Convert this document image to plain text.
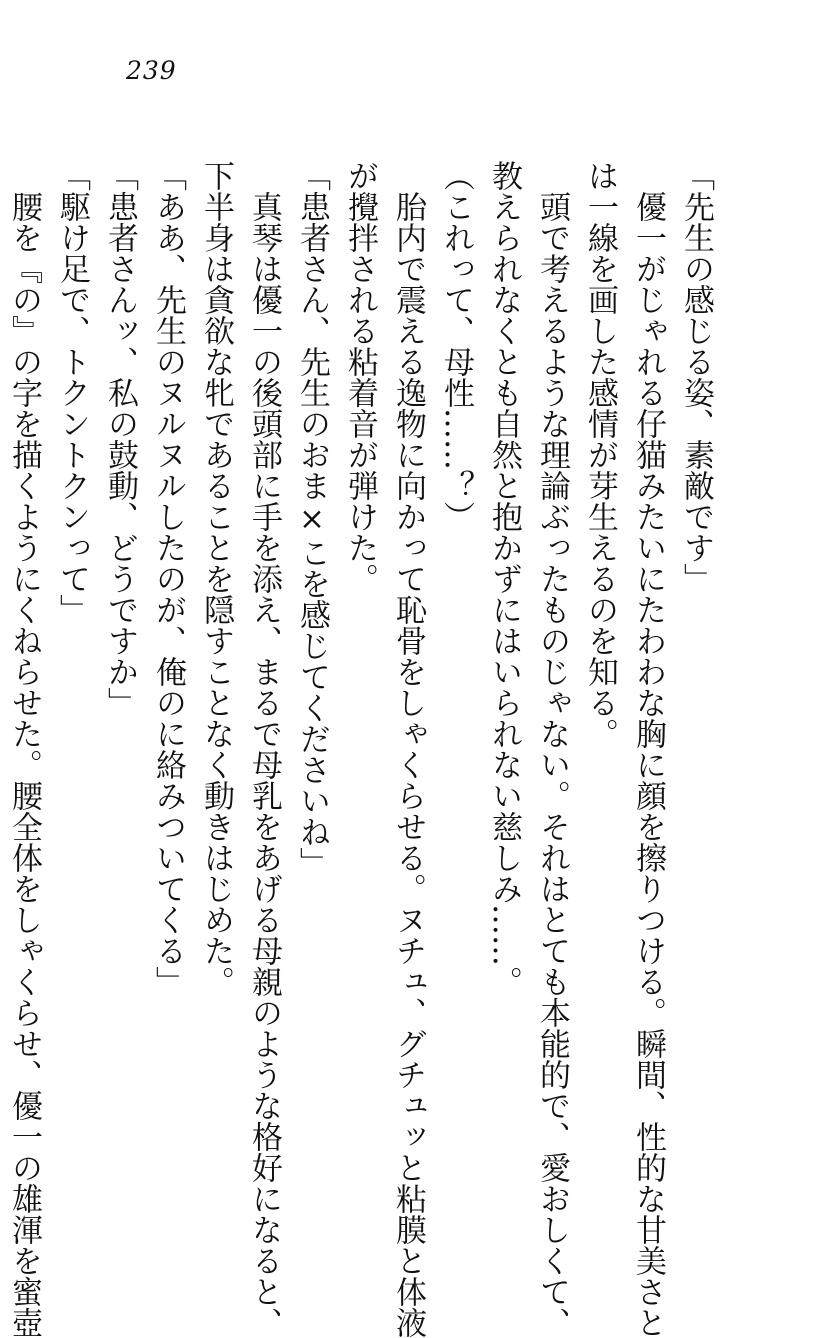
239
「先生の感じる姿、素敵です」
　優一がじゃれる仔猫みたいにたわわな胸に顔を擦りつける。瞬間、性的な甘美さと
は一線を画した感情が芽生えるのを知る。
　頭で考えるような理論ぶったものじゃない。それはとても本能的で、愛おしくて、
教えられなくとも自然と抱かずにはいられない慈しみ……。
（これって、母性……？）
　胎内で震える逸物に向かって恥骨をしゃくらせる。ヌチュ、グチュッと粘膜と体液
が攪拌される粘着音が弾けた。
「患者さん、先生のおま×こを感じてくださいね」
　真琴は優一の後頭部に手を添え、まるで母乳をあげる母親のような格好になると、
下半身は貪欲な牝であることを隠すことなく動きはじめた。
「ああ、先生のヌルヌルしたのが、俺のに絡みついてくる」
「患者さんッ、私の鼓動、どうですか」
「駆け足で、トクントクンって」
　腰を『の』の字を描くようにくねらせた。腰全体をしゃくらせ、優一の雄渾を蜜壺
